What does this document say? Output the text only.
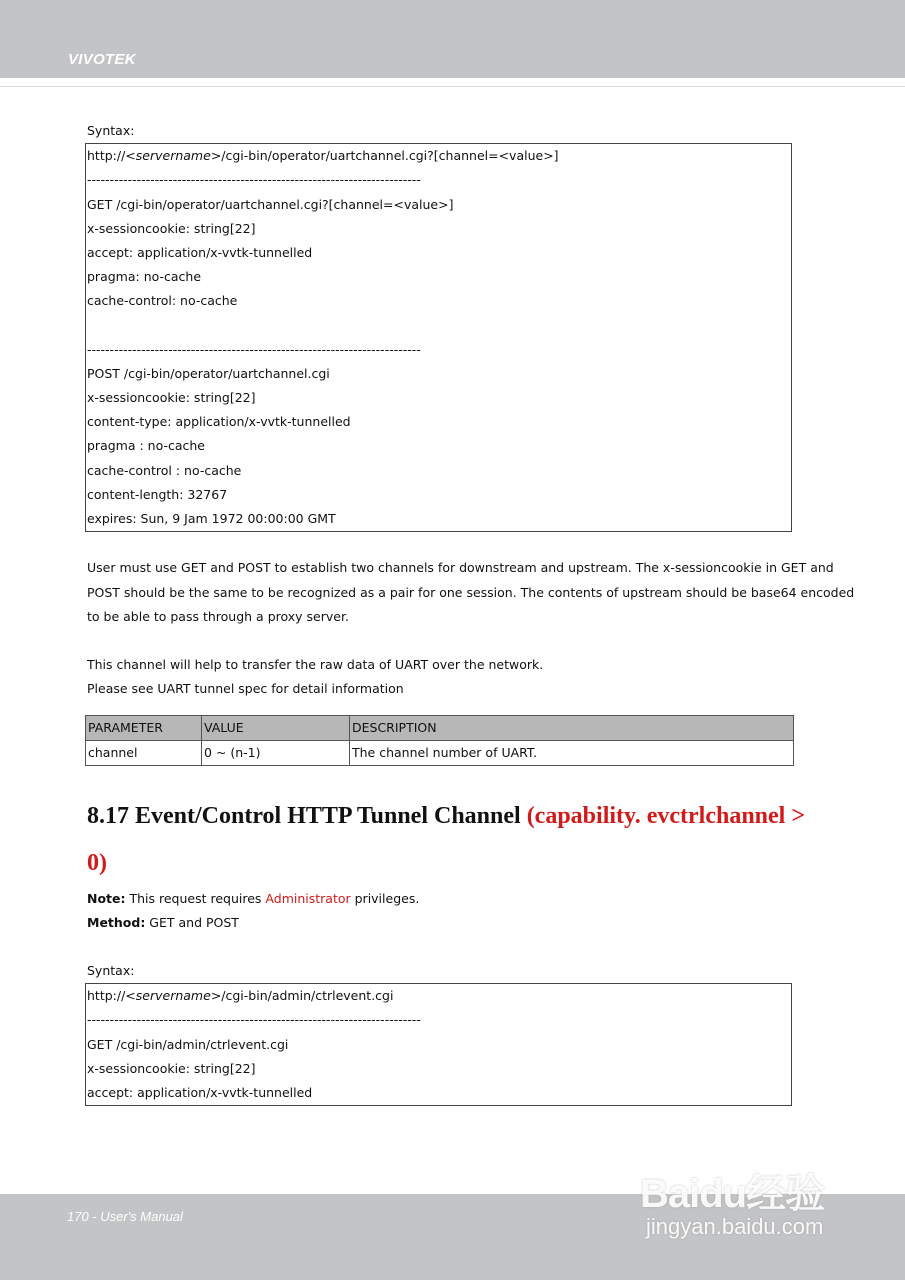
VIVOTEK
Syntax:
http://<servername>/cgi-bin/operator/uartchannel.cgi?[channel=<value>]
--------------------------------------------------------------------------
GET /cgi-bin/operator/uartchannel.cgi?[channel=<value>]
x-sessioncookie: string[22]
accept: application/x-vvtk-tunnelled
pragma: no-cache
cache-control: no-cache
--------------------------------------------------------------------------
POST /cgi-bin/operator/uartchannel.cgi
x-sessioncookie: string[22]
content-type: application/x-vvtk-tunnelled
pragma : no-cache
cache-control : no-cache
content-length: 32767
expires: Sun, 9 Jam 1972 00:00:00 GMT
User must use GET and POST to establish two channels for downstream and upstream. The x-sessioncookie in GET and
POST should be the same to be recognized as a pair for one session. The contents of upstream should be base64 encoded
to be able to pass through a proxy server.
This channel will help to transfer the raw data of UART over the network.
Please see UART tunnel spec for detail information
PARAMETER	VALUE	DESCRIPTION
channel	0 ~ (n-1)	The channel number of UART.
8.17 Event/Control HTTP Tunnel Channel (capability. evctrlchannel >
0)
Note: This request requires Administrator privileges.
Method: GET and POST
Syntax:
http://<servername>/cgi-bin/admin/ctrlevent.cgi
--------------------------------------------------------------------------
GET /cgi-bin/admin/ctrlevent.cgi
x-sessioncookie: string[22]
accept: application/x-vvtk-tunnelled
170 - User's Manual
Baidu经验
jingyan.baidu.com
